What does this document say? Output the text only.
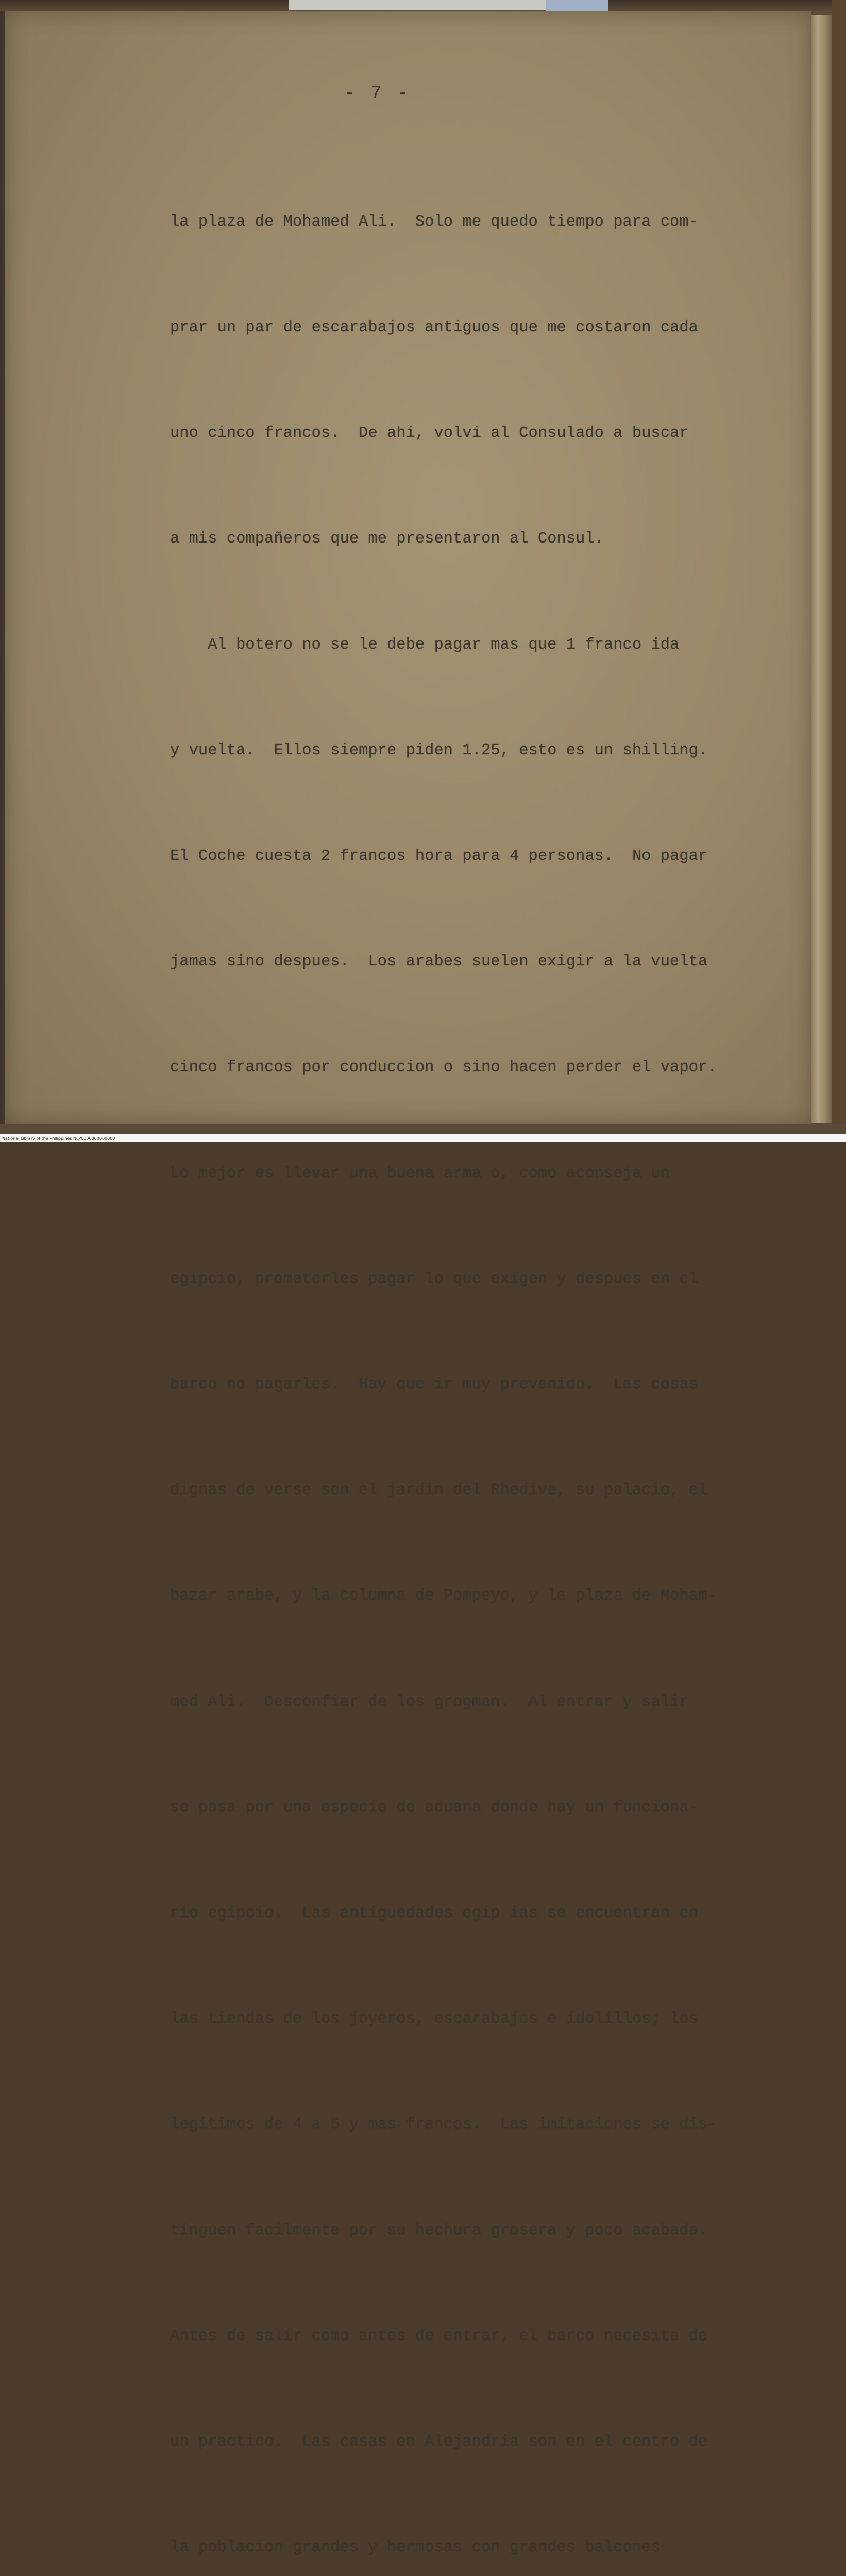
- 7 -

la plaza de Mohamed Ali.  Solo me quedo tiempo para com-

prar un par de escarabajos antiguos que me costaron cada

uno cinco francos.  De ahi, volvi al Consulado a buscar

a mis compañeros que me presentaron al Consul.

Al botero no se le debe pagar mas que 1 franco ida

y vuelta.  Ellos siempre piden 1.25, esto es un shilling.

El Coche cuesta 2 francos hora para 4 personas.  No pagar

jamas sino despues.  Los arabes suelen exigir a la vuelta

cinco francos por conduccion o sino hacen perder el vapor.

Lo mejor es llevar una buena arma o, como aconseja un

egipcio, prometerles pagar lo que exigen y despues en el

barco no pagarles.  Hay que ir muy prevenido.  Las cosas

dignas de verse son el jardin del Rhedive, su palacio, el

bazar arabe, y la columna de Pompeyo, y la plaza de Moham-

med Ali.  Desconfiar de los grogman.  Al entrar y salir

se pasa por una especie de aduana donde hay un funciona-

rio egipcio.  Las antiguedades egip ias se encuentran en

las tiendas de los joyeros, escarabajos e idolillos; los

legitimos de 4 a 5 y mas francos.  Las imitaciones se dis-

tinguen facilmente por su hechura grosera y poco acabada.

Antes de salir como antes de entrar, el barco necesita de

un practico.  Las casas en Alejandria son en el centro de

la poblacion grandes y hermosas con grandes balcones

National Library of the Philippines NLP0000000000000
